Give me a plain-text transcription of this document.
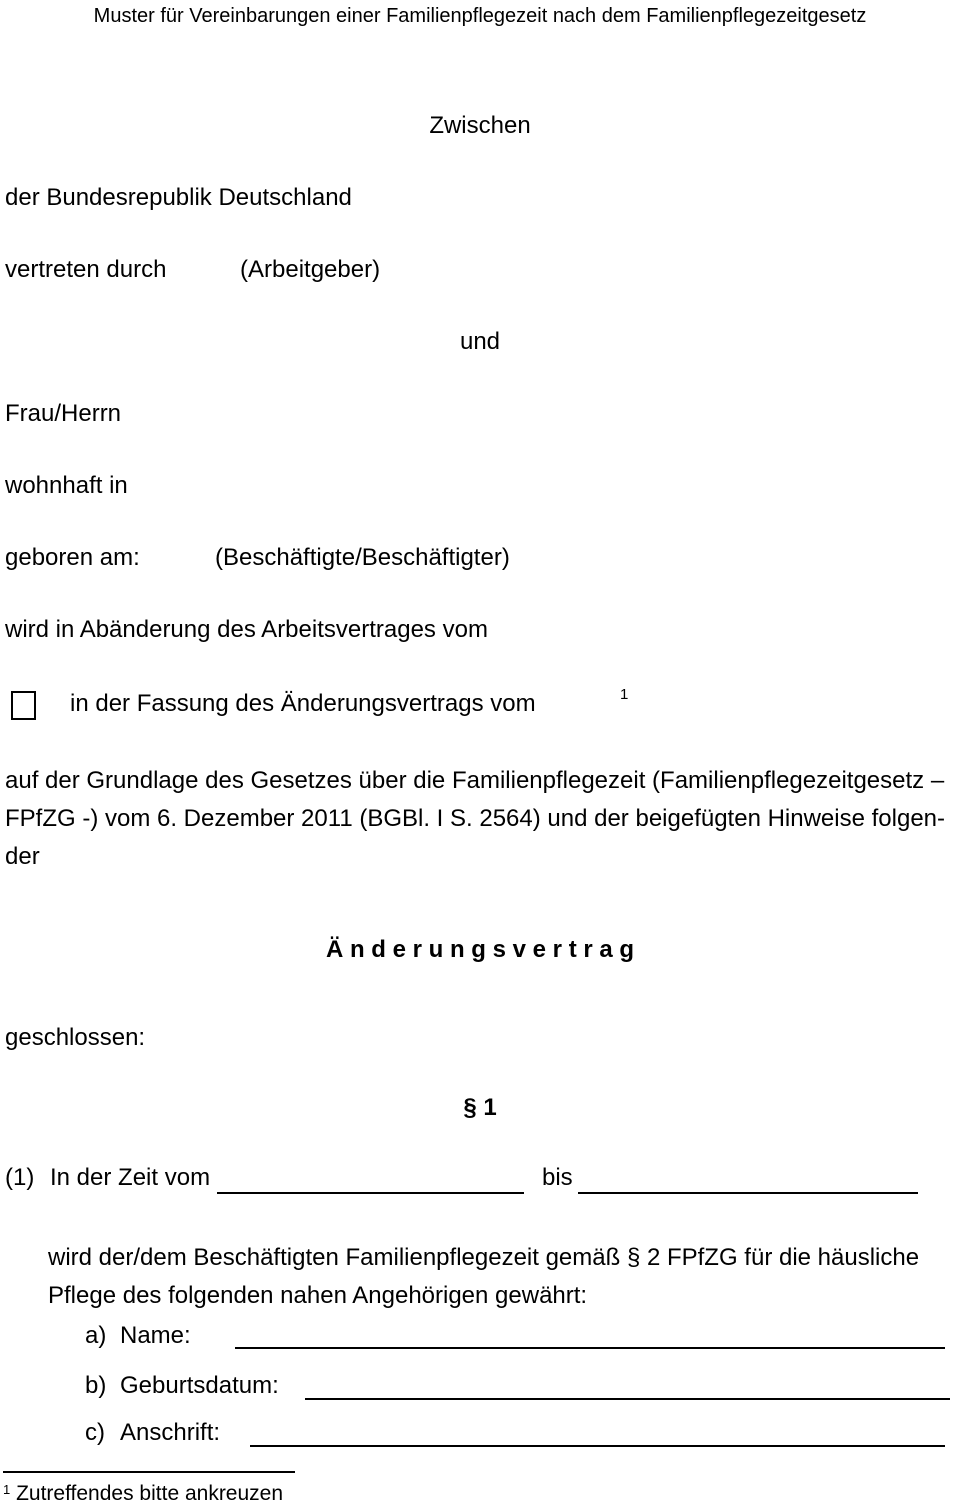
Muster für Vereinbarungen einer Familienpflegezeit nach dem Familienpflegezeitgesetz
Zwischen
der Bundesrepublik Deutschland
vertreten durch	(Arbeitgeber)
und
Frau/Herrn
wohnhaft in
geboren am:	(Beschäftigte/Beschäftigter)
wird in Abänderung des Arbeitsvertrages vom
in der Fassung des Änderungsvertrags vom	1
auf der Grundlage des Gesetzes über die Familienpflegezeit (Familienpflegezeitgesetz –
FPfZG -) vom 6. Dezember 2011 (BGBl. I S. 2564) und der beigefügten Hinweise folgen-
der
Ä n d e r u n g s v e r t r a g
geschlossen:
§ 1
(1) In der Zeit vom	bis
wird der/dem Beschäftigten Familienpflegezeit gemäß § 2 FPfZG für die häusliche
Pflege des folgenden nahen Angehörigen gewährt:
a) Name:
b) Geburtsdatum:
c) Anschrift:
$^1$ Zutreffendes bitte ankreuzen
